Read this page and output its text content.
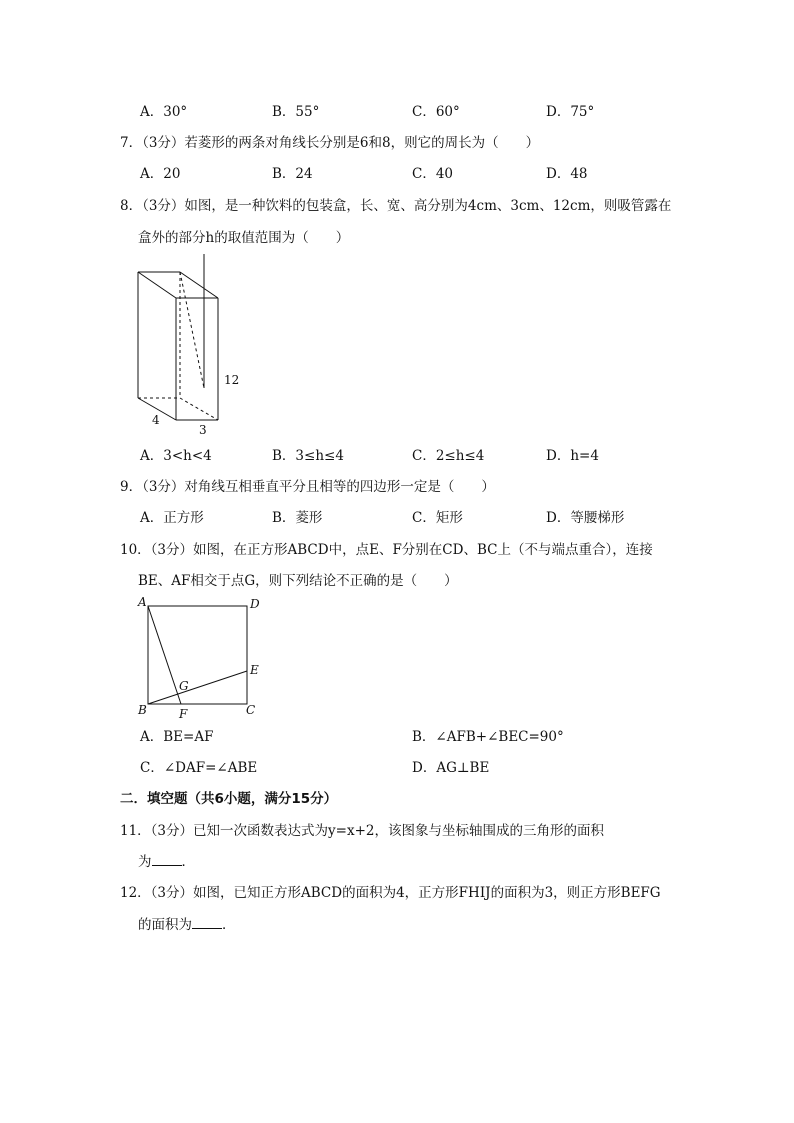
A．30°	B．55°	C．60°	D．75°
7．（3分）若菱形的两条对角线长分别是6和8，则它的周长为（　　）
A．20	B．24	C．40	D．48
8．（3分）如图，是一种饮料的包装盒，长、宽、高分别为4cm、3cm、12cm，则吸管露在
盒外的部分h的取值范围为（　　）
12
4
3
A．3<h<4	B．3≤h≤4	C．2≤h≤4	D．h=4
9．（3分）对角线互相垂直平分且相等的四边形一定是（　　）
A．正方形	B．菱形	C．矩形	D．等腰梯形
10．（3分）如图，在正方形ABCD中，点E、F分别在CD、BC上（不与端点重合），连接
BE、AF相交于点G，则下列结论不正确的是（　　）
A	D
E
G
B	F	C
A．BE=AF	B．∠AFB+∠BEC=90°
C．∠DAF=∠ABE	D．AG⊥BE
二．填空题（共6小题，满分15分）
11．（3分）已知一次函数表达式为y=x+2，该图象与坐标轴围成的三角形的面积
为 ．
12．（3分）如图，已知正方形ABCD的面积为4，正方形FHIJ的面积为3，则正方形BEFG
的面积为 ．
